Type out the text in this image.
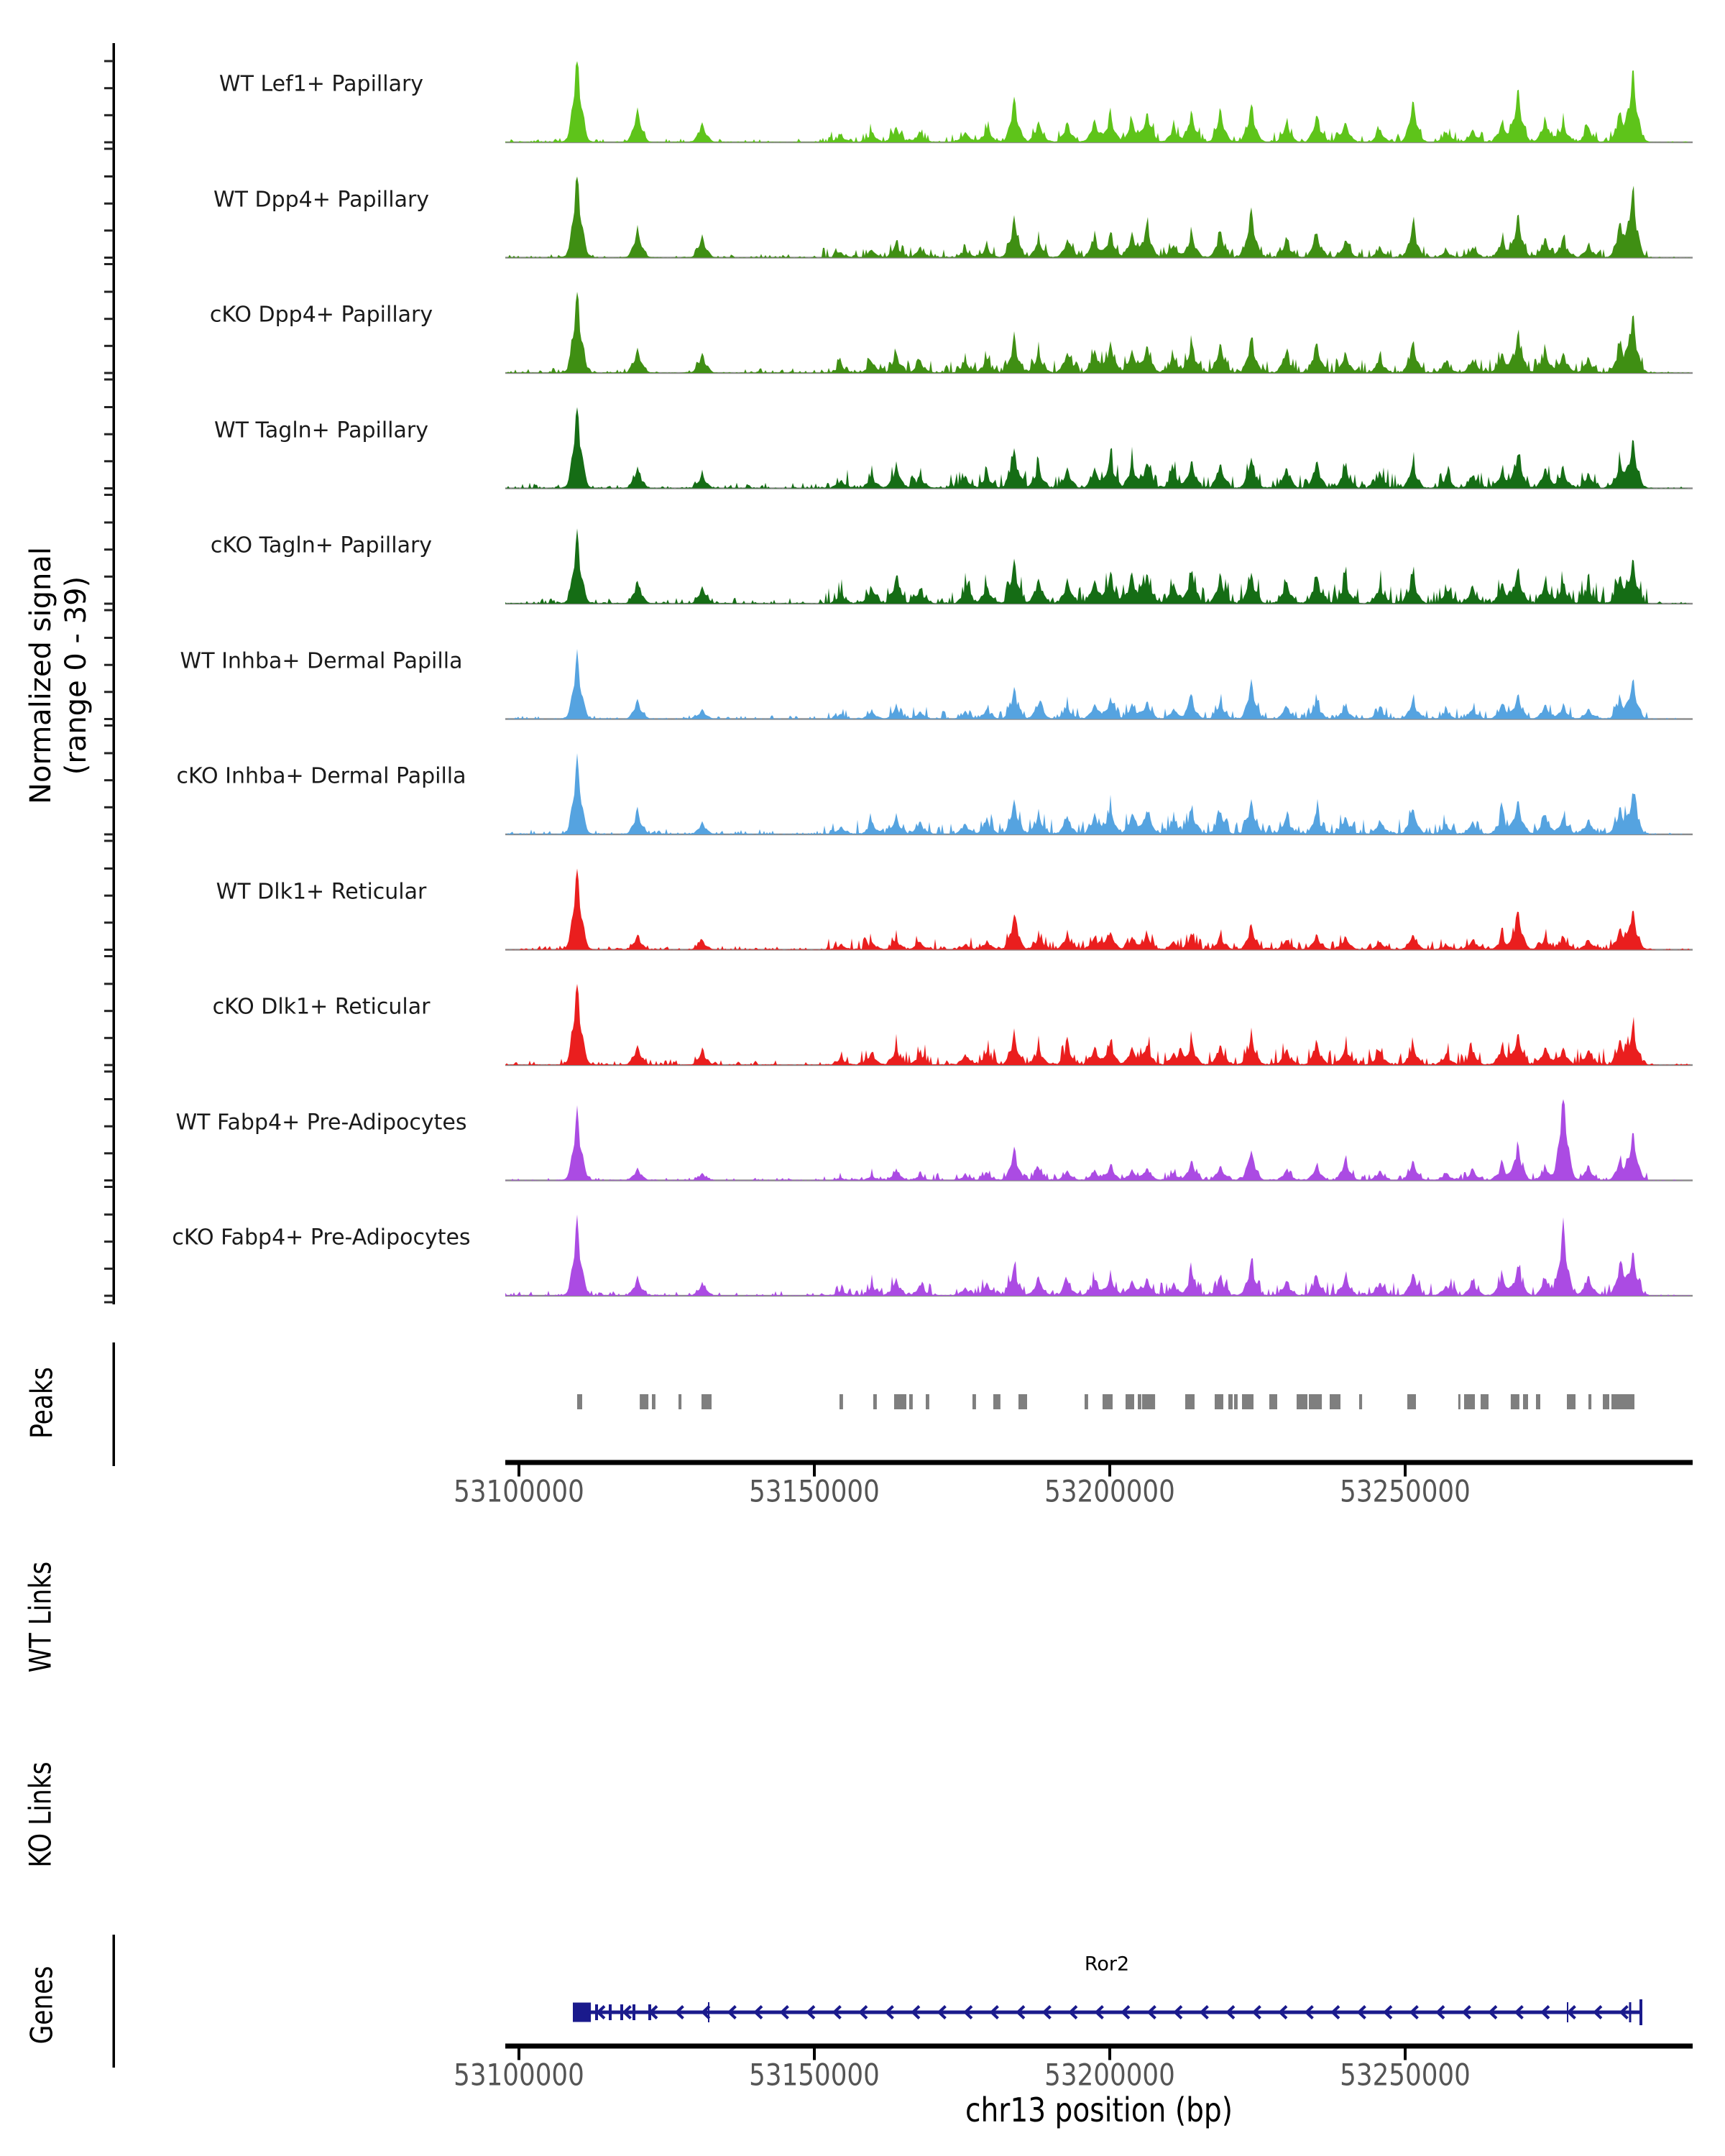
Normalized signal (range 0 - 39)
Peaks
WT Links
KO Links
Genes
Ror2
chr13 position (bp)
WT Lef1+ Papillary
WT Dpp4+ Papillary
cKO Dpp4+ Papillary
WT Tagln+ Papillary
cKO Tagln+ Papillary
WT Inhba+ Dermal Papilla
cKO Inhba+ Dermal Papilla
WT Dlk1+ Reticular
cKO Dlk1+ Reticular
WT Fabp4+ Pre-Adipocytes
cKO Fabp4+ Pre-Adipocytes
53100000	53150000	53200000	53250000
53100000	53150000	53200000	53250000
